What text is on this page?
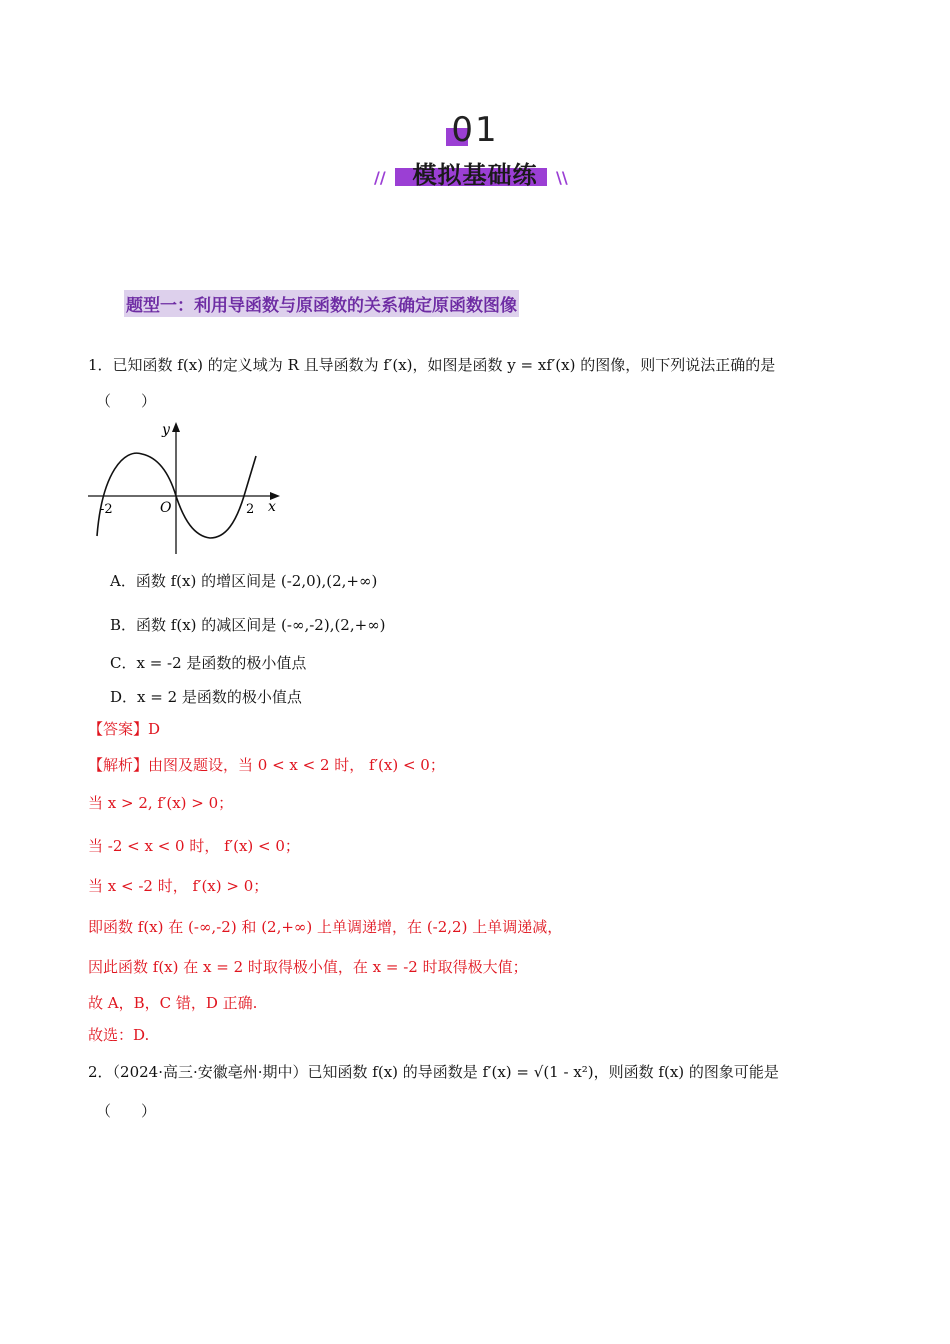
01
模拟基础练
//	\\
题型一：利用导函数与原函数的关系确定原函数图像
1．已知函数 f(x) 的定义域为 R 且导函数为 f′(x)，如图是函数 y = xf′(x) 的图像，则下列说法正确的是
（　　）
y
x
O
-2	2
A．函数 f(x) 的增区间是 (-2,0),(2,+∞)
B．函数 f(x) 的减区间是 (-∞,-2),(2,+∞)
C．x = -2 是函数的极小值点
D．x = 2 是函数的极小值点
【答案】D
【解析】由图及题设，当 0 < x < 2 时， f′(x) < 0；
当 x > 2, f′(x) > 0；
当 -2 < x < 0 时， f′(x) < 0；
当 x < -2 时， f′(x) > 0；
即函数 f(x) 在 (-∞,-2) 和 (2,+∞) 上单调递增，在 (-2,2) 上单调递减，
因此函数 f(x) 在 x = 2 时取得极小值，在 x = -2 时取得极大值；
故 A，B，C 错，D 正确.
故选：D.
2．（2024·高三·安徽亳州·期中）已知函数 f(x) 的导函数是 f′(x) = √(1 - x²)，则函数 f(x) 的图象可能是
（　　）
